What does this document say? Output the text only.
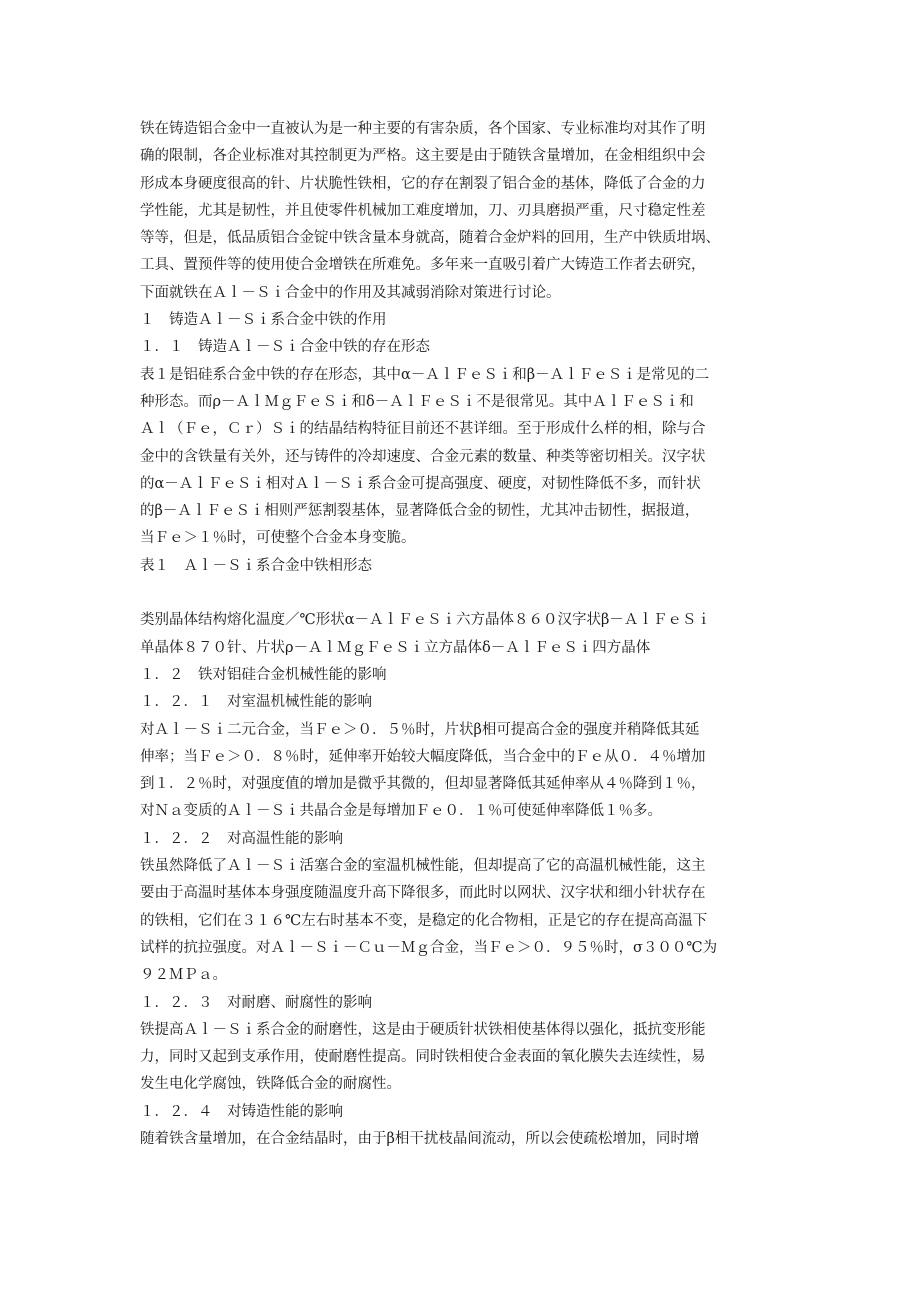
铁在铸造铝合金中一直被认为是一种主要的有害杂质，各个国家、专业标准均对其作了明
确的限制，各企业标准对其控制更为严格。这主要是由于随铁含量增加，在金相组织中会
形成本身硬度很高的针、片状脆性铁相，它的存在割裂了铝合金的基体，降低了合金的力
学性能，尤其是韧性，并且使零件机械加工难度增加，刀、刃具磨损严重，尺寸稳定性差
等等，但是，低品质铝合金锭中铁含量本身就高，随着合金炉料的回用，生产中铁质坩埚、
工具、置预件等的使用使合金增铁在所难免。多年来一直吸引着广大铸造工作者去研究，
下面就铁在Ａｌ－Ｓｉ合金中的作用及其减弱消除对策进行讨论。
１　铸造Ａｌ－Ｓｉ系合金中铁的作用
１．１　铸造Ａｌ－Ｓｉ合金中铁的存在形态
表１是铝硅系合金中铁的存在形态，其中α－ＡｌＦｅＳｉ和β－ＡｌＦｅＳｉ是常见的二
种形态。而ρ－ＡｌＭｇＦｅＳｉ和δ－ＡｌＦｅＳｉ不是很常见。其中ＡｌＦｅＳｉ和
Ａｌ（Ｆｅ，Ｃｒ）Ｓｉ的结晶结构特征目前还不甚详细。至于形成什么样的相，除与合
金中的含铁量有关外，还与铸件的冷却速度、合金元素的数量、种类等密切相关。汉字状
的α－ＡｌＦｅＳｉ相对Ａｌ－Ｓｉ系合金可提高强度、硬度，对韧性降低不多，而针状
的β－ＡｌＦｅＳｉ相则严惩割裂基体，显著降低合金的韧性，尤其冲击韧性，据报道，
当Ｆｅ＞１％时，可使整个合金本身变脆。
表１　Ａｌ－Ｓｉ系合金中铁相形态
类别晶体结构熔化温度／℃形状α－ＡｌＦｅＳｉ六方晶体８６０汉字状β－ＡｌＦｅＳｉ
单晶体８７０针、片状ρ－ＡｌＭｇＦｅＳｉ立方晶体δ－ＡｌＦｅＳｉ四方晶体
１．２　铁对铝硅合金机械性能的影响
１．２．１　对室温机械性能的影响
对Ａｌ－Ｓｉ二元合金，当Ｆｅ＞０．５％时，片状β相可提高合金的强度并稍降低其延
伸率；当Ｆｅ＞０．８％时，延伸率开始较大幅度降低，当合金中的Ｆｅ从０．４％增加
到１．２％时，对强度值的增加是微乎其微的，但却显著降低其延伸率从４％降到１％，
对Ｎａ变质的Ａｌ－Ｓｉ共晶合金是每增加Ｆｅ０．１％可使延伸率降低１％多。
１．２．２　对高温性能的影响
铁虽然降低了Ａｌ－Ｓｉ活塞合金的室温机械性能，但却提高了它的高温机械性能，这主
要由于高温时基体本身强度随温度升高下降很多，而此时以网状、汉字状和细小针状存在
的铁相，它们在３１６℃左右时基本不变，是稳定的化合物相，正是它的存在提高高温下
试样的抗拉强度。对Ａｌ－Ｓｉ－Ｃｕ－Ｍｇ合金，当Ｆｅ＞０．９５％时，σ３００℃为
９２ＭＰａ。
１．２．３　对耐磨、耐腐性的影响
铁提高Ａｌ－Ｓｉ系合金的耐磨性，这是由于硬质针状铁相使基体得以强化，抵抗变形能
力，同时又起到支承作用，使耐磨性提高。同时铁相使合金表面的氧化膜失去连续性，易
发生电化学腐蚀，铁降低合金的耐腐性。
１．２．４　对铸造性能的影响
随着铁含量增加，在合金结晶时，由于β相干扰枝晶间流动，所以会使疏松增加，同时增
